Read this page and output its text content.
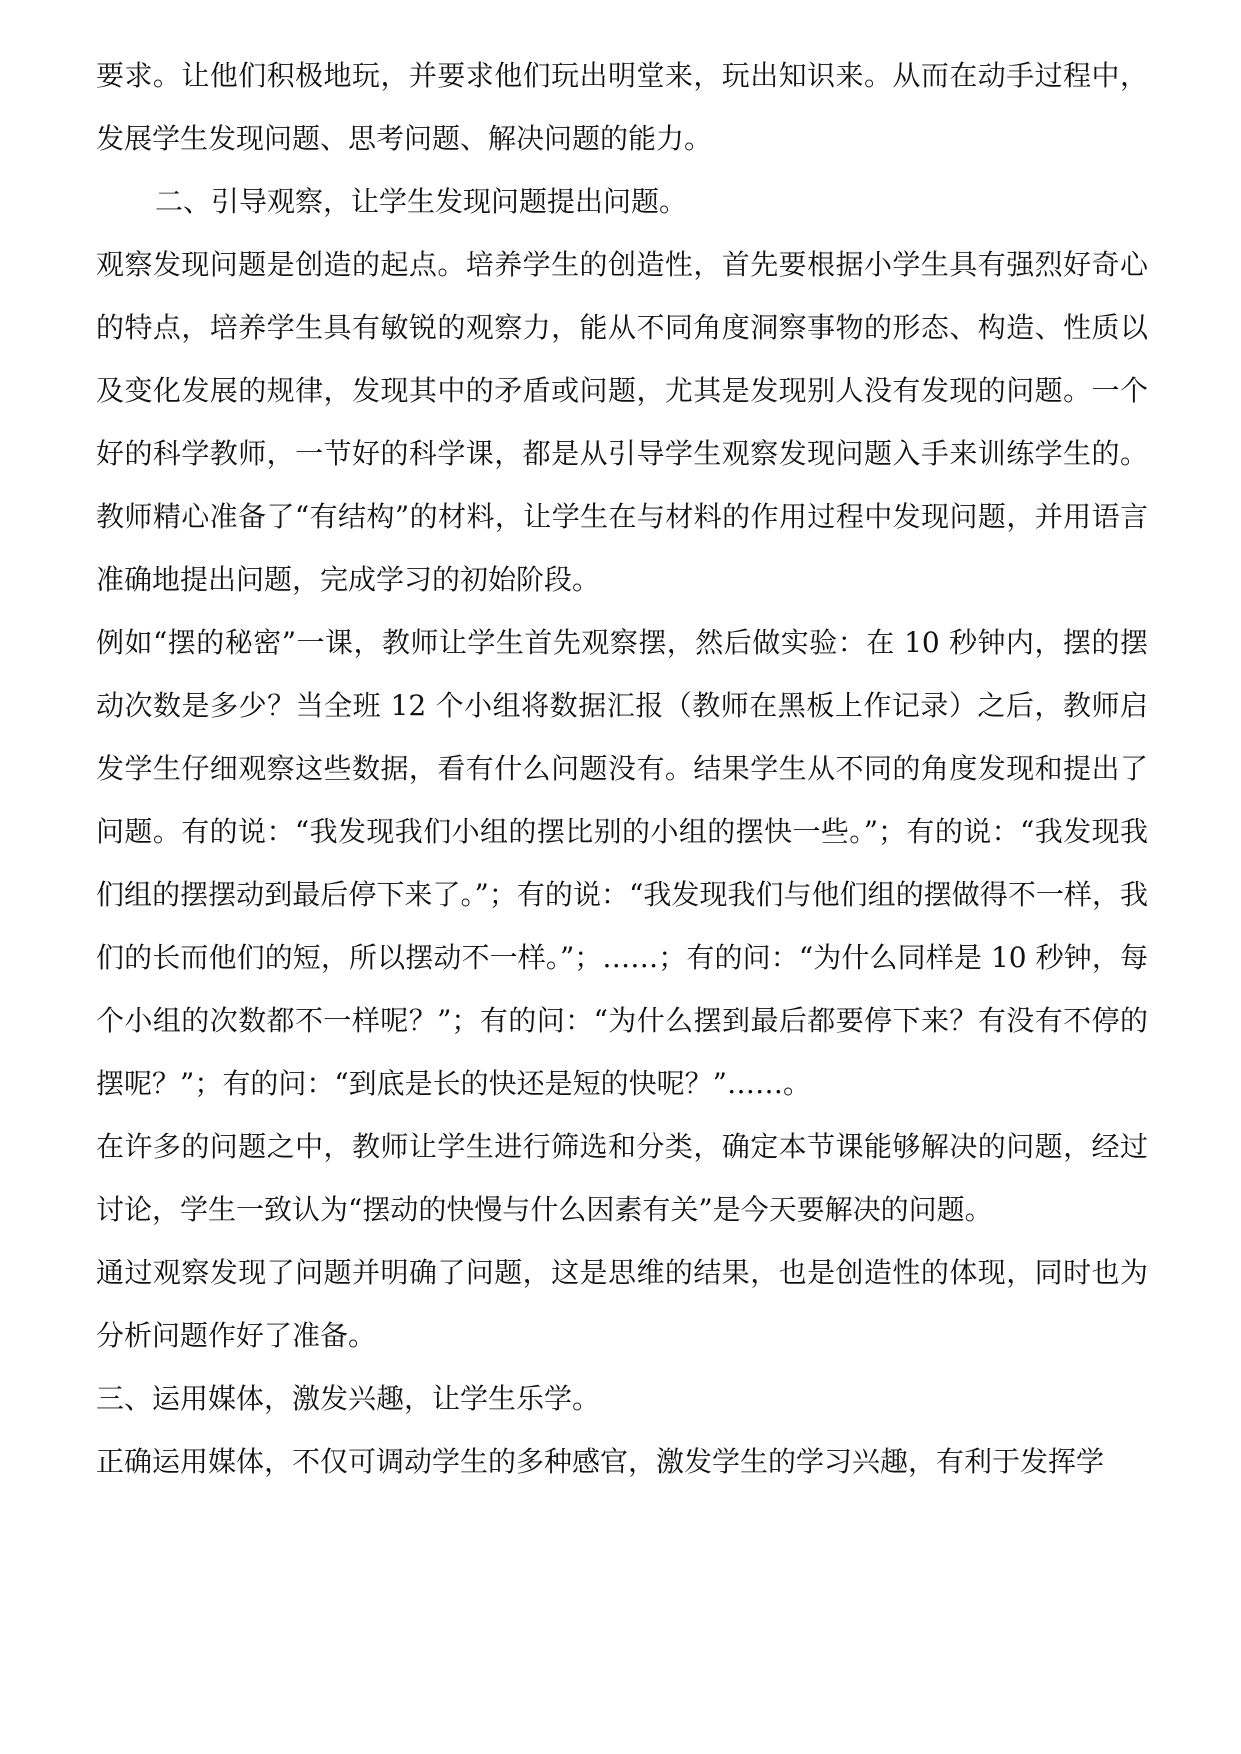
要求。让他们积极地玩，并要求他们玩出明堂来，玩出知识来。从而在动手过程中，发展学生发现问题、思考问题、解决问题的能力。

二、引导观察，让学生发现问题提出问题。

观察发现问题是创造的起点。培养学生的创造性，首先要根据小学生具有强烈好奇心的特点，培养学生具有敏锐的观察力，能从不同角度洞察事物的形态、构造、性质以及变化发展的规律，发现其中的矛盾或问题，尤其是发现别人没有发现的问题。一个好的科学教师，一节好的科学课，都是从引导学生观察发现问题入手来训练学生的。教师精心准备了“有结构”的材料，让学生在与材料的作用过程中发现问题，并用语言准确地提出问题，完成学习的初始阶段。

例如“摆的秘密”一课，教师让学生首先观察摆，然后做实验：在 10 秒钟内，摆的摆动次数是多少？当全班 12 个小组将数据汇报（教师在黑板上作记录）之后，教师启发学生仔细观察这些数据，看有什么问题没有。结果学生从不同的角度发现和提出了问题。有的说：“我发现我们小组的摆比别的小组的摆快一些。”；有的说：“我发现我们组的摆摆动到最后停下来了。”；有的说：“我发现我们与他们组的摆做得不一样，我们的长而他们的短，所以摆动不一样。”；……；有的问：“为什么同样是 10 秒钟，每个小组的次数都不一样呢？”；有的问：“为什么摆到最后都要停下来？有没有不停的摆呢？”；有的问：“到底是长的快还是短的快呢？”……。

在许多的问题之中，教师让学生进行筛选和分类，确定本节课能够解决的问题，经过讨论，学生一致认为“摆动的快慢与什么因素有关”是今天要解决的问题。

通过观察发现了问题并明确了问题，这是思维的结果，也是创造性的体现，同时也为分析问题作好了准备。

三、运用媒体，激发兴趣，让学生乐学。

正确运用媒体，不仅可调动学生的多种感官，激发学生的学习兴趣，有利于发挥学
